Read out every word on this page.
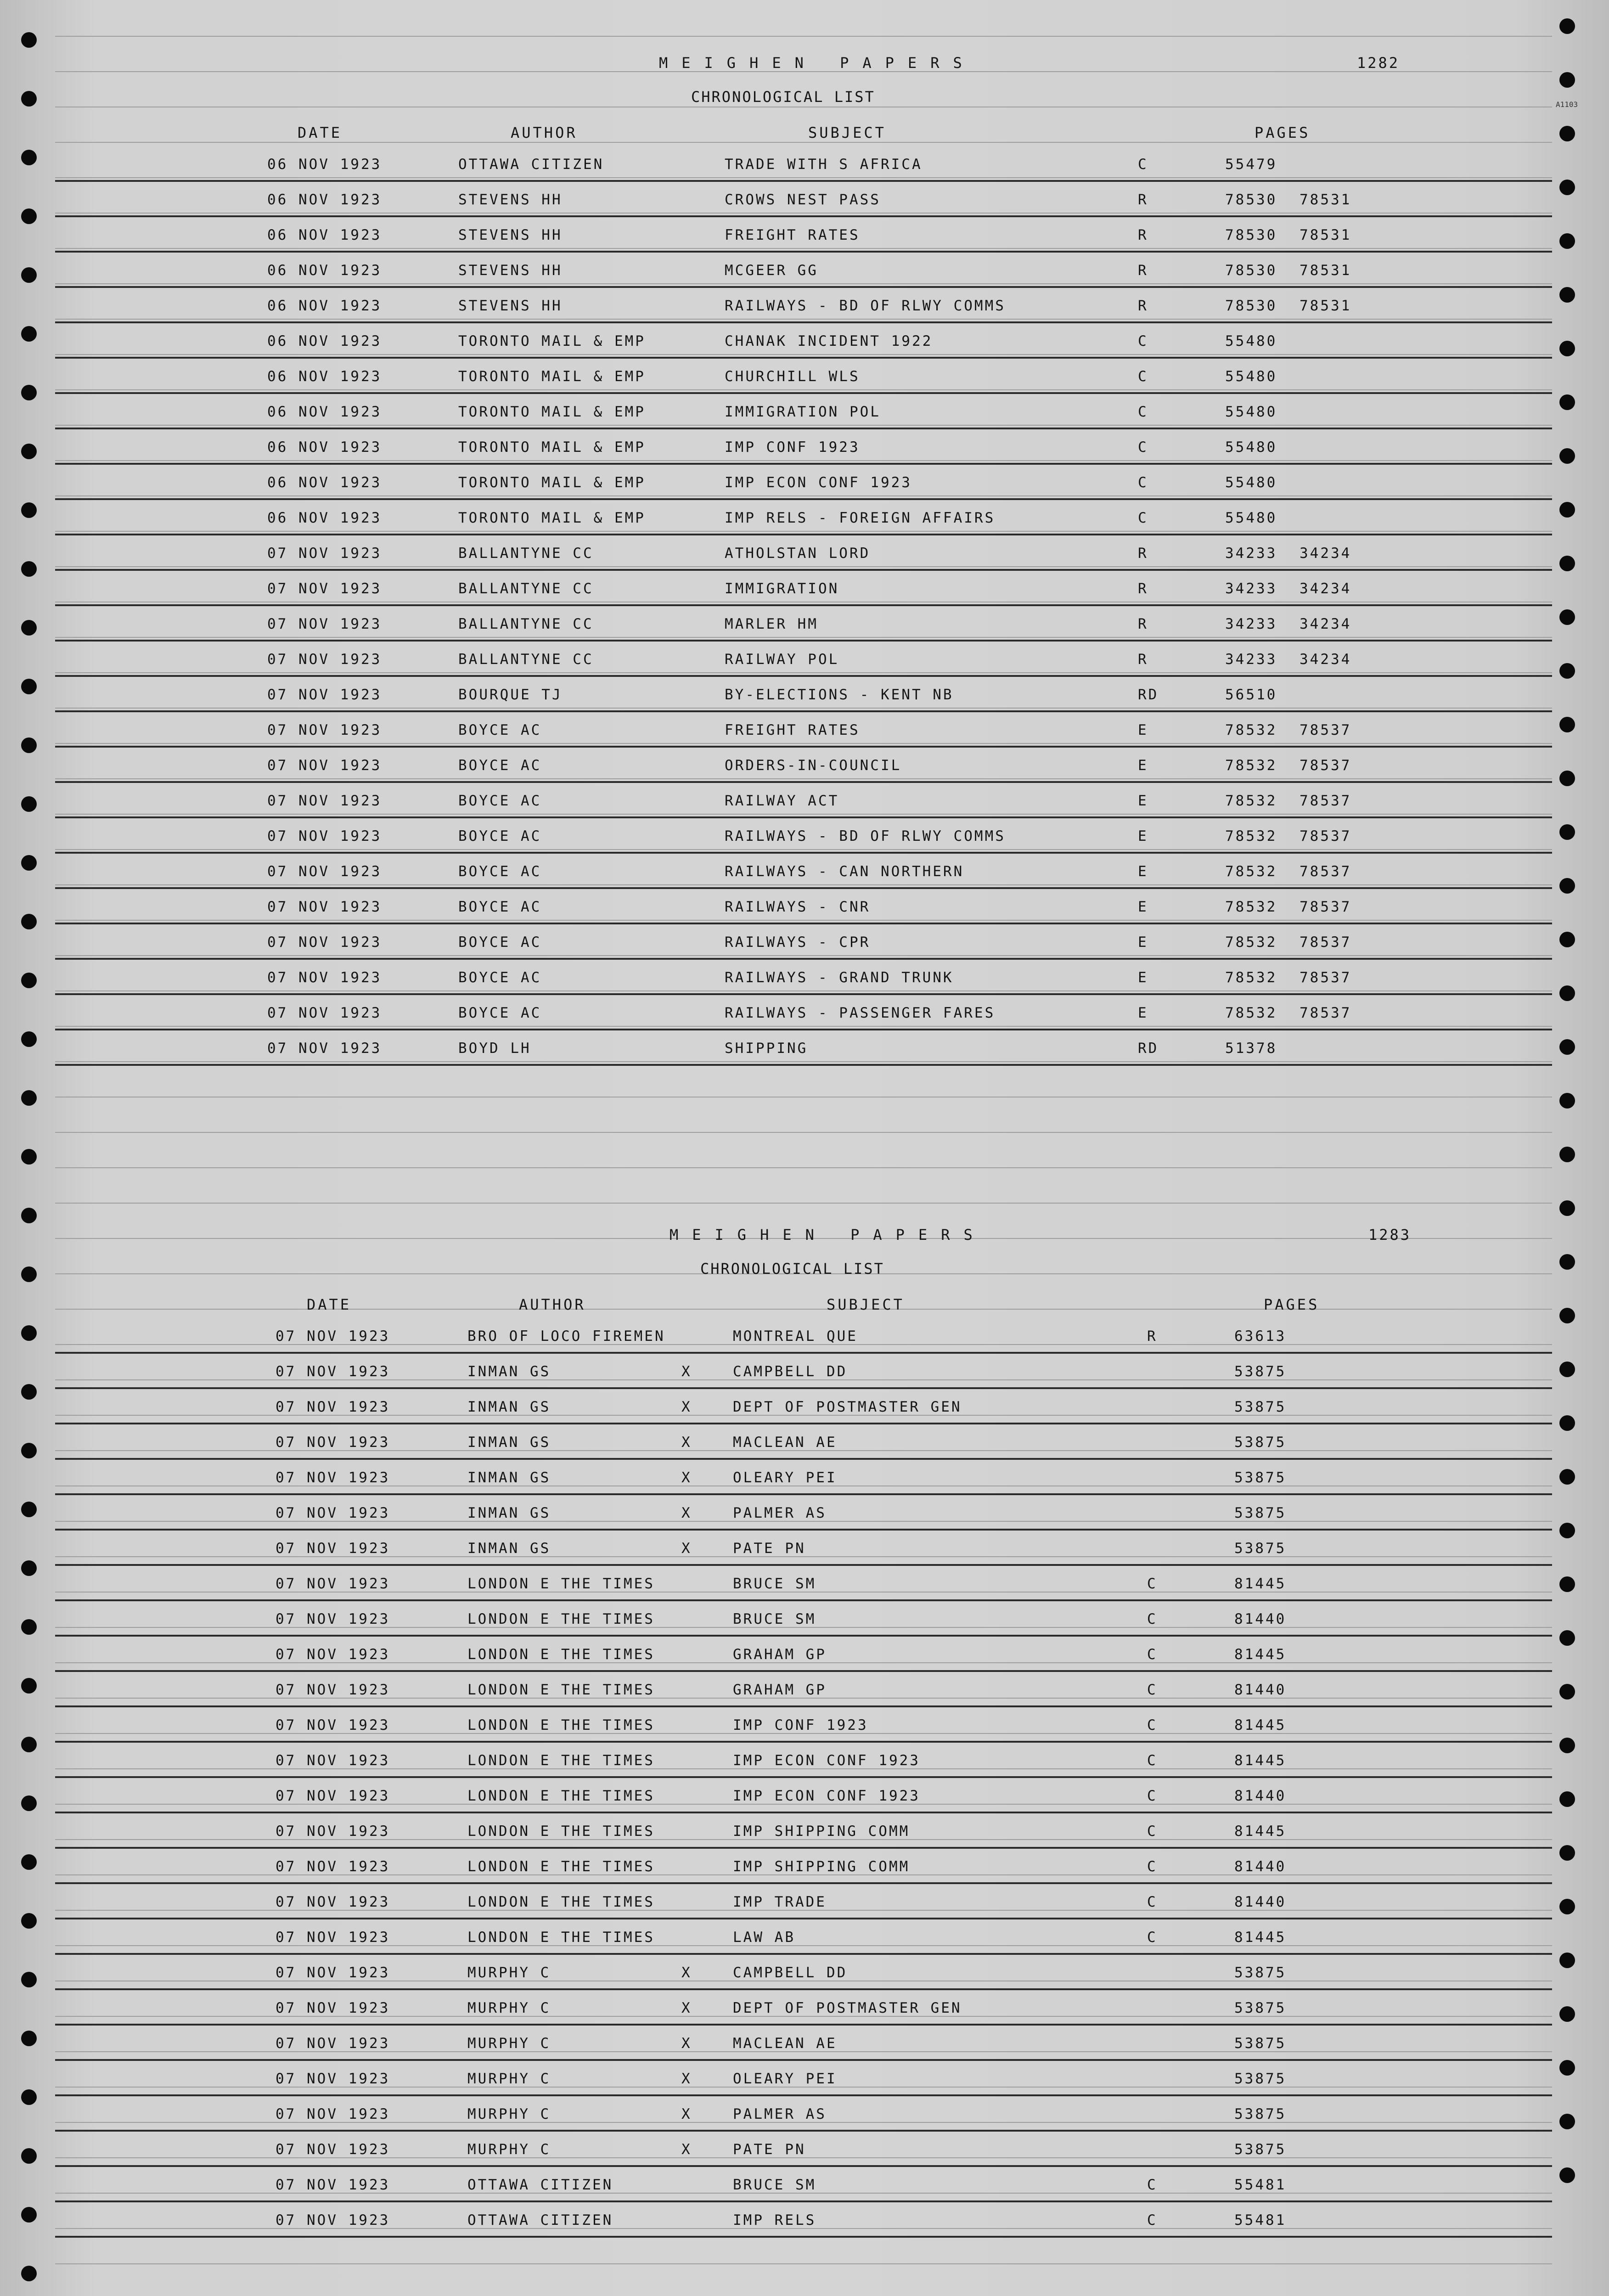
A1103
MEIGHEN PAPERS	1282
CHRONOLOGICAL LIST
DATE	AUTHOR	SUBJECT	PAGES
06 NOV 1923	OTTAWA CITIZEN	TRADE WITH S AFRICA	C	55479
06 NOV 1923	STEVENS HH	CROWS NEST PASS	R	78530 78531
06 NOV 1923	STEVENS HH	FREIGHT RATES	R	78530 78531
06 NOV 1923	STEVENS HH	MCGEER GG	R	78530 78531
06 NOV 1923	STEVENS HH	RAILWAYS - BD OF RLWY COMMS	R	78530 78531
06 NOV 1923	TORONTO MAIL & EMP	CHANAK INCIDENT 1922	C	55480
06 NOV 1923	TORONTO MAIL & EMP	CHURCHILL WLS	C	55480
06 NOV 1923	TORONTO MAIL & EMP	IMMIGRATION POL	C	55480
06 NOV 1923	TORONTO MAIL & EMP	IMP CONF 1923	C	55480
06 NOV 1923	TORONTO MAIL & EMP	IMP ECON CONF 1923	C	55480
06 NOV 1923	TORONTO MAIL & EMP	IMP RELS - FOREIGN AFFAIRS	C	55480
07 NOV 1923	BALLANTYNE CC	ATHOLSTAN LORD	R	34233 34234
07 NOV 1923	BALLANTYNE CC	IMMIGRATION	R	34233 34234
07 NOV 1923	BALLANTYNE CC	MARLER HM	R	34233 34234
07 NOV 1923	BALLANTYNE CC	RAILWAY POL	R	34233 34234
07 NOV 1923	BOURQUE TJ	BY-ELECTIONS - KENT NB	RD	56510
07 NOV 1923	BOYCE AC	FREIGHT RATES	E	78532 78537
07 NOV 1923	BOYCE AC	ORDERS-IN-COUNCIL	E	78532 78537
07 NOV 1923	BOYCE AC	RAILWAY ACT	E	78532 78537
07 NOV 1923	BOYCE AC	RAILWAYS - BD OF RLWY COMMS	E	78532 78537
07 NOV 1923	BOYCE AC	RAILWAYS - CAN NORTHERN	E	78532 78537
07 NOV 1923	BOYCE AC	RAILWAYS - CNR	E	78532 78537
07 NOV 1923	BOYCE AC	RAILWAYS - CPR	E	78532 78537
07 NOV 1923	BOYCE AC	RAILWAYS - GRAND TRUNK	E	78532 78537
07 NOV 1923	BOYCE AC	RAILWAYS - PASSENGER FARES	E	78532 78537
07 NOV 1923	BOYD LH	SHIPPING	RD	51378
MEIGHEN PAPERS	1283
CHRONOLOGICAL LIST
DATE	AUTHOR	SUBJECT	PAGES
07 NOV 1923	BRO OF LOCO FIREMEN	MONTREAL QUE	R	63613
07 NOV 1923	INMAN GS	X	CAMPBELL DD	53875
07 NOV 1923	INMAN GS	X	DEPT OF POSTMASTER GEN	53875
07 NOV 1923	INMAN GS	X	MACLEAN AE	53875
07 NOV 1923	INMAN GS	X	OLEARY PEI	53875
07 NOV 1923	INMAN GS	X	PALMER AS	53875
07 NOV 1923	INMAN GS	X	PATE PN	53875
07 NOV 1923	LONDON E THE TIMES	BRUCE SM	C	81445
07 NOV 1923	LONDON E THE TIMES	BRUCE SM	C	81440
07 NOV 1923	LONDON E THE TIMES	GRAHAM GP	C	81445
07 NOV 1923	LONDON E THE TIMES	GRAHAM GP	C	81440
07 NOV 1923	LONDON E THE TIMES	IMP CONF 1923	C	81445
07 NOV 1923	LONDON E THE TIMES	IMP ECON CONF 1923	C	81445
07 NOV 1923	LONDON E THE TIMES	IMP ECON CONF 1923	C	81440
07 NOV 1923	LONDON E THE TIMES	IMP SHIPPING COMM	C	81445
07 NOV 1923	LONDON E THE TIMES	IMP SHIPPING COMM	C	81440
07 NOV 1923	LONDON E THE TIMES	IMP TRADE	C	81440
07 NOV 1923	LONDON E THE TIMES	LAW AB	C	81445
07 NOV 1923	MURPHY C	X	CAMPBELL DD	53875
07 NOV 1923	MURPHY C	X	DEPT OF POSTMASTER GEN	53875
07 NOV 1923	MURPHY C	X	MACLEAN AE	53875
07 NOV 1923	MURPHY C	X	OLEARY PEI	53875
07 NOV 1923	MURPHY C	X	PALMER AS	53875
07 NOV 1923	MURPHY C	X	PATE PN	53875
07 NOV 1923	OTTAWA CITIZEN	BRUCE SM	C	55481
07 NOV 1923	OTTAWA CITIZEN	IMP RELS	C	55481
